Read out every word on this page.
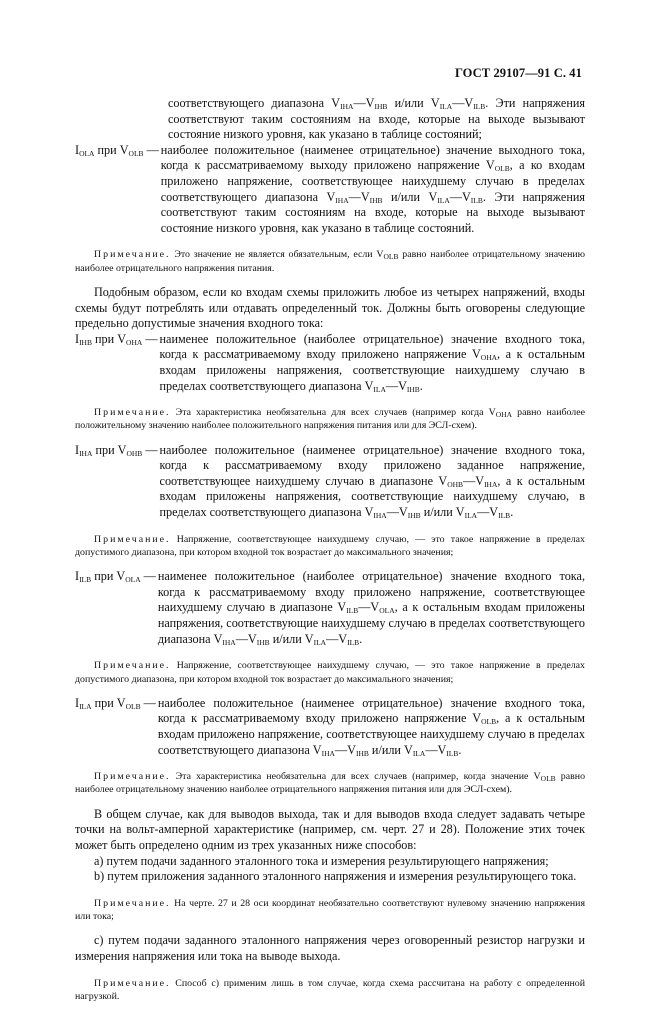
ГОСТ 29107—91 С. 41

соответствующего диапазона $V_{IHA}—V_{IHB}$ и/или $V_{ILA}—V_{ILB}$. Эти напряжения соответствуют таким состояниям на входе, которые на выходе вызывают состояние низкого уровня, как указано в таблице состояний;

$I_{OLA}$ при $V_{OLB}$ — наиболее положительное (наименее отрицательное) значение выходного тока, когда к рассматриваемому выходу приложено напряжение $V_{OLB}$, а ко входам приложено напряжение, соответствующее наихудшему случаю в пределах соответствующего диапазона $V_{IHA}—V_{IHB}$ и/или $V_{ILA}—V_{ILB}$. Эти напряжения соответствуют таким состояниям на входе, которые на выходе вызывают состояние низкого уровня, как указано в таблице состояний.

Примечание. Это значение не является обязательным, если $V_{OLB}$ равно наиболее отрицательному значению наиболее отрицательного напряжения питания.

Подобным образом, если ко входам схемы приложить любое из четырех напряжений, входы схемы будут потреблять или отдавать определенный ток. Должны быть оговорены следующие предельно допустимые значения входного тока:

$I_{IHB}$ при $V_{OHA}$ — наименее положительное (наиболее отрицательное) значение входного тока, когда к рассматриваемому входу приложено напряжение $V_{OHA}$, а к остальным входам приложены напряжения, соответствующие наихудшему случаю в пределах соответствующего диапазона $V_{ILA}—V_{IHB}$.

Примечание. Эта характеристика необязательна для всех случаев (например когда $V_{OHA}$ равно наиболее положительному значению наиболее положительного напряжения питания или для ЭСЛ-схем).

$I_{IHA}$ при $V_{OHB}$ — наиболее положительное (наименее отрицательное) значение входного тока, когда к рассматриваемому входу приложено заданное напряжение, соответствующее наихудшему случаю в диапазоне $V_{OHB}—V_{IHA}$, а к остальным входам приложены напряжения, соответствующие наихудшему случаю, в пределах соответствующего диапазона $V_{IHA}—V_{IHB}$ и/или $V_{ILA}—V_{ILB}$.

Примечание. Напряжение, соответствующее наихудшему случаю, — это такое напряжение в пределах допустимого диапазона, при котором входной ток возрастает до максимального значения;

$I_{ILB}$ при $V_{OLA}$ — наименее положительное (наиболее отрицательное) значение входного тока, когда к рассматриваемому входу приложено напряжение, соответствующее наихудшему случаю в диапазоне $V_{ILB}—V_{OLA}$, а к остальным входам приложены напряжения, соответствующие наихудшему случаю в пределах соответствующего диапазона $V_{IHA}—V_{IHB}$ и/или $V_{ILA}—V_{ILB}$.

Примечание. Напряжение, соответствующее наихудшему случаю, — это такое напряжение в пределах допустимого диапазона, при котором входной ток возрастает до максимального значения;

$I_{ILA}$ при $V_{OLB}$ — наиболее положительное (наименее отрицательное) значение входного тока, когда к рассматриваемому входу приложено напряжение $V_{OLB}$, а к остальным входам приложено напряжение, соответствующее наихудшему случаю в пределах соответствующего диапазона $V_{IHA}—V_{IHB}$ и/или $V_{ILA}—V_{ILB}$.

Примечание. Эта характеристика необязательна для всех случаев (например, когда значение $V_{OLB}$ равно наиболее отрицательному значению наиболее отрицательного напряжения питания или для ЭСЛ-схем).

В общем случае, как для выводов выхода, так и для выводов входа следует задавать четыре точки на вольт-амперной характеристике (например, см. черт. 27 и 28). Положение этих точек может быть определено одним из трех указанных ниже способов:

а) путем подачи заданного эталонного тока и измерения результирующего напряжения;

b) путем приложения заданного эталонного напряжения и измерения результирующего тока.

Примечание. На черте. 27 и 28 оси координат необязательно соответствуют нулевому значению напряжения или тока;

c) путем подачи заданного эталонного напряжения через оговоренный резистор нагрузки и измерения напряжения или тока на выводе выхода.

Примечание. Способ c) применим лишь в том случае, когда схема рассчитана на работу с определенной нагрузкой.
